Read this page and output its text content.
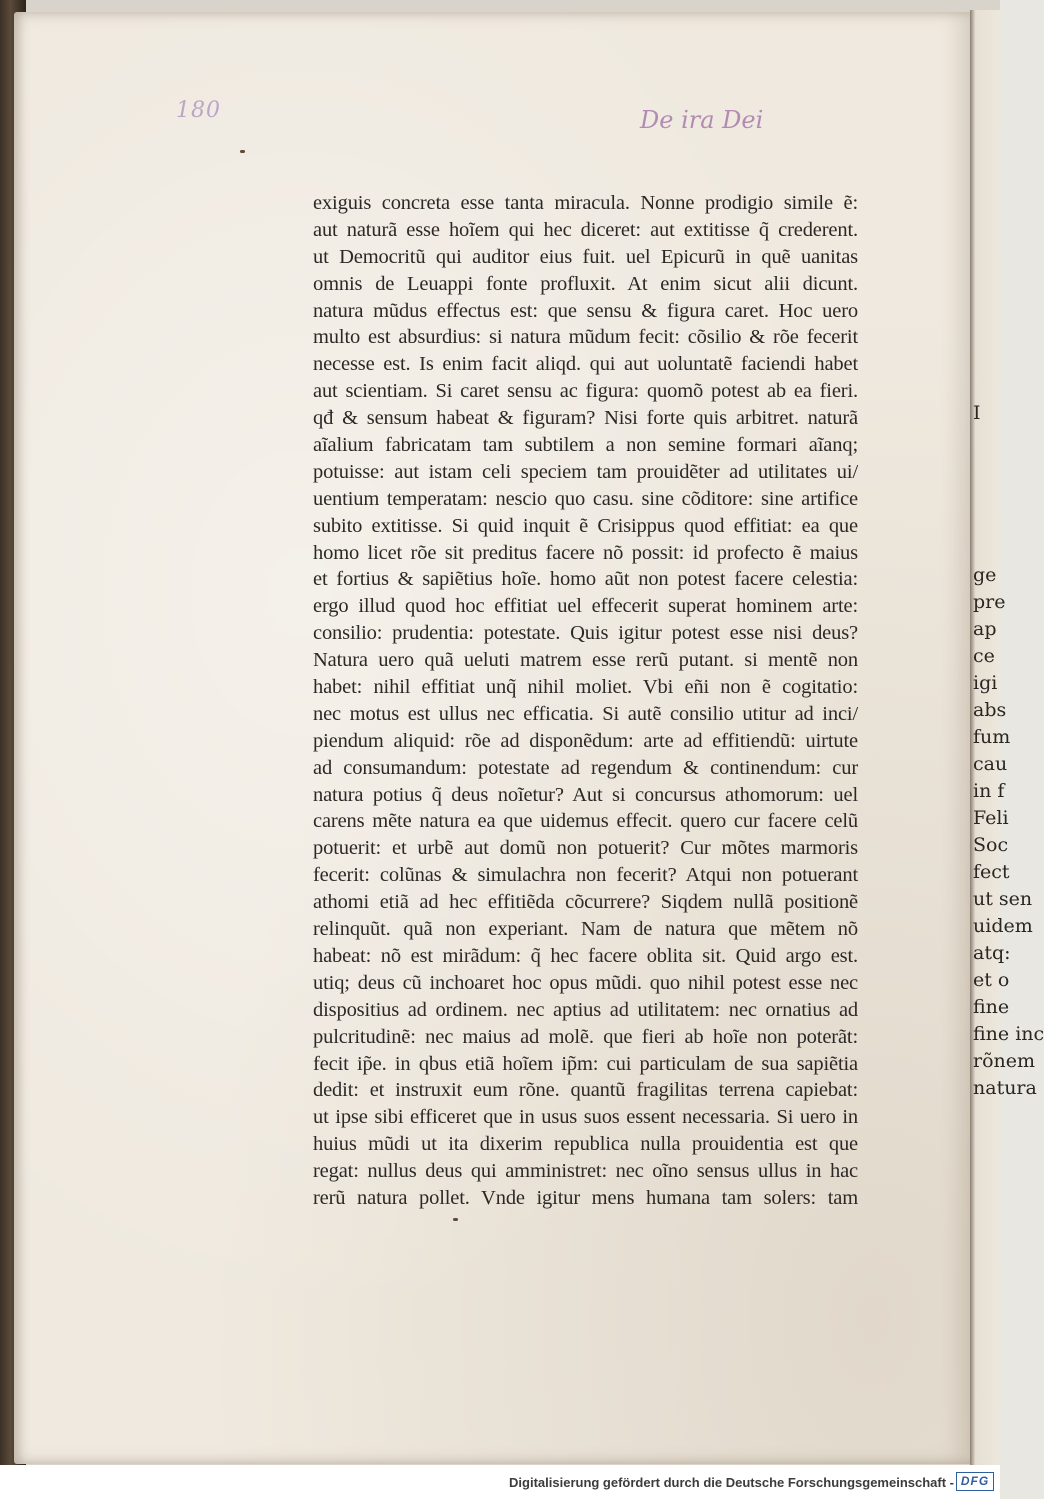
I
ge
pre
ap
ce
igi
abs
fum
cau
in f
Feli
Soc
fect
ut sen
uidem
atq:
et o
fine
fine inc
rõnem
natura
180	De ira Dei
exiguis concreta esse tanta miracula. Nonne prodigio simile ẽ:
aut naturã esse hoĩem qui hec diceret: aut extitisse q̃ crederent.
ut Democritũ qui auditor eius fuit. uel Epicurũ in quẽ uanitas
omnis de Leuappi fonte profluxit. At enim sicut alii dicunt.
natura mũdus effectus est: que sensu & figura caret. Hoc uero
multo est absurdius: si natura mũdum fecit: cõsilio & rõe fecerit
necesse est. Is enim facit aliqd. qui aut uoluntatẽ faciendi habet
aut scientiam. Si caret sensu ac figura: quomõ potest ab ea fieri.
qđ & sensum habeat & figuram? Nisi forte quis arbitret. naturã
aĩalium fabricatam tam subtilem a non semine formari aĩanq;
potuisse: aut istam celi speciem tam prouidẽter ad utilitates ui/
uentium temperatam: nescio quo casu. sine cõditore: sine artifice
subito extitisse. Si quid inquit ẽ Crisippus quod effitiat: ea que
homo licet rõe sit preditus facere nõ possit: id profecto ẽ maius
et fortius & sapiẽtius hoĩe. homo aũt non potest facere celestia:
ergo illud quod hoc effitiat uel effecerit superat hominem arte:
consilio: prudentia: potestate. Quis igitur potest esse nisi deus?
Natura uero quã ueluti matrem esse rerũ putant. si mentẽ non
habet: nihil effitiat unq̃ nihil moliet. Vbi eñi non ẽ cogitatio:
nec motus est ullus nec efficatia. Si autẽ consilio utitur ad inci/
piendum aliquid: rõe ad disponẽdum: arte ad effitiendũ: uirtute
ad consumandum: potestate ad regendum & continendum: cur
natura potius q̃ deus noĩetur? Aut si concursus athomorum: uel
carens mẽte natura ea que uidemus effecit. quero cur facere celũ
potuerit: et urbẽ aut domũ non potuerit? Cur mõtes marmoris
fecerit: colũnas & simulachra non fecerit? Atqui non potuerant
athomi etiã ad hec effitiẽda cõcurrere? Siqdem nullã positionẽ
relinquũt. quã non experiant. Nam de natura que mẽtem nõ
habeat: nõ est mirãdum: q̃ hec facere oblita sit. Quid argo est.
utiq; deus cũ inchoaret hoc opus mũdi. quo nihil potest esse nec
dispositius ad ordinem. nec aptius ad utilitatem: nec ornatius ad
pulcritudinẽ: nec maius ad molẽ. que fieri ab hoĩe non poterãt:
fecit ip̃e. in qbus etiã hoĩem ip̃m: cui particulam de sua sapiẽtia
dedit: et instruxit eum rõne. quantũ fragilitas terrena capiebat:
ut ipse sibi efficeret que in usus suos essent necessaria. Si uero in
huius mũdi ut ita dixerim republica nulla prouidentia est que
regat: nullus deus qui amministret: nec oĩno sensus ullus in hac
rerũ natura pollet. Vnde igitur mens humana tam solers: tam
Digitalisierung gefördert durch die Deutsche Forschungsgemeinschaft - DFG
